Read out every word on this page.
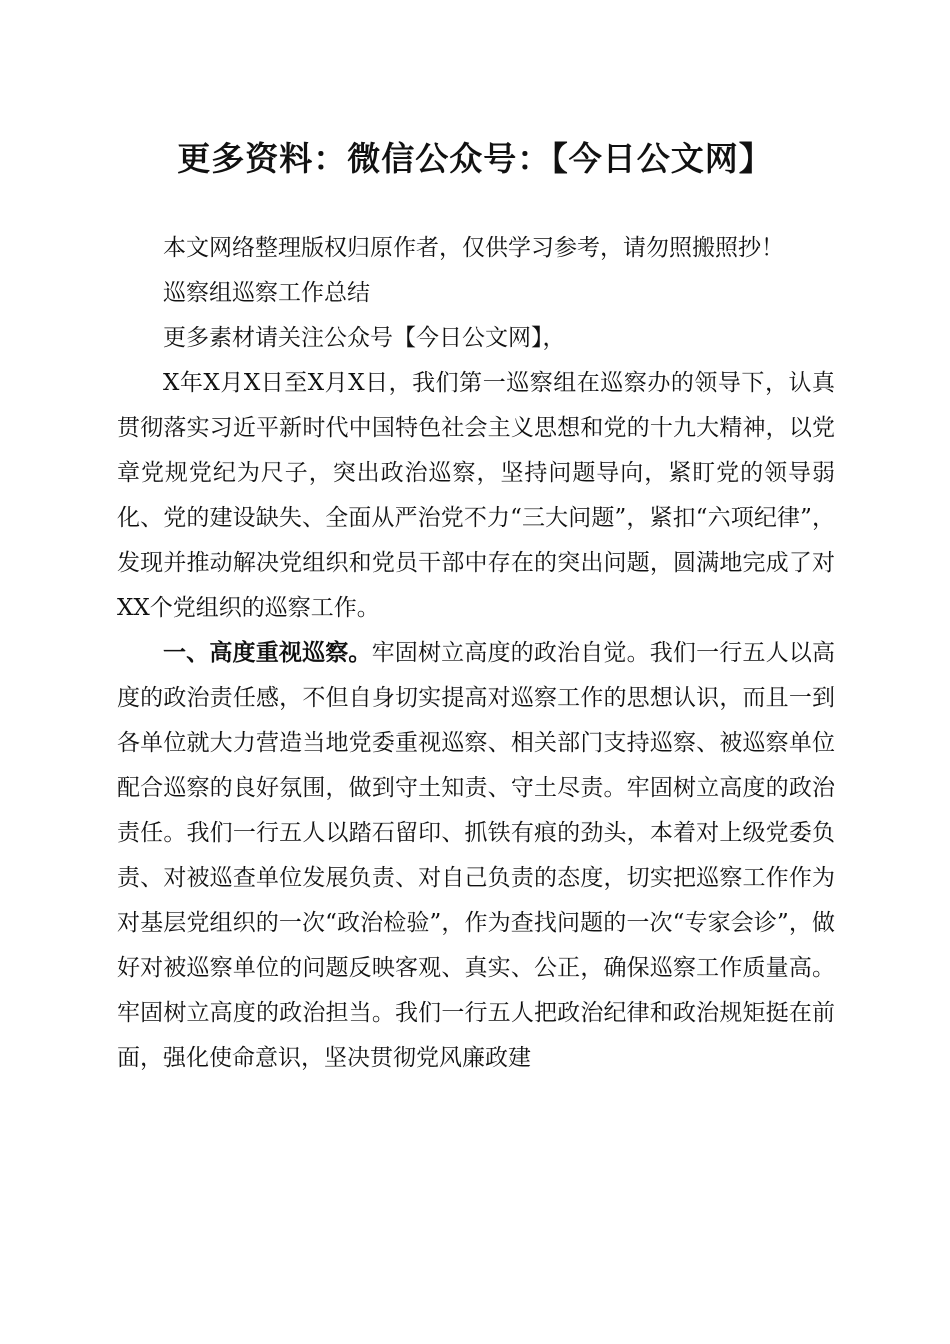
更多资料：微信公众号：【今日公文网】

本文网络整理版权归原作者，仅供学习参考，请勿照搬照抄！

巡察组巡察工作总结

更多素材请关注公众号【今日公文网】，

X年X月X日至X月X日，我们第一巡察组在巡察办的领导下，认真贯彻落实习近平新时代中国特色社会主义思想和党的十九大精神，以党章党规党纪为尺子，突出政治巡察，坚持问题导向，紧盯党的领导弱化、党的建设缺失、全面从严治党不力“三大问题”，紧扣“六项纪律”，发现并推动解决党组织和党员干部中存在的突出问题，圆满地完成了对XX个党组织的巡察工作。

一、高度重视巡察。牢固树立高度的政治自觉。我们一行五人以高度的政治责任感，不但自身切实提高对巡察工作的思想认识，而且一到各单位就大力营造当地党委重视巡察、相关部门支持巡察、被巡察单位配合巡察的良好氛围，做到守土知责、守土尽责。牢固树立高度的政治责任。我们一行五人以踏石留印、抓铁有痕的劲头，本着对上级党委负责、对被巡查单位发展负责、对自己负责的态度，切实把巡察工作作为对基层党组织的一次“政治检验”，作为查找问题的一次“专家会诊”，做好对被巡察单位的问题反映客观、真实、公正，确保巡察工作质量高。牢固树立高度的政治担当。我们一行五人把政治纪律和政治规矩挺在前面，强化使命意识，坚决贯彻党风廉政建
